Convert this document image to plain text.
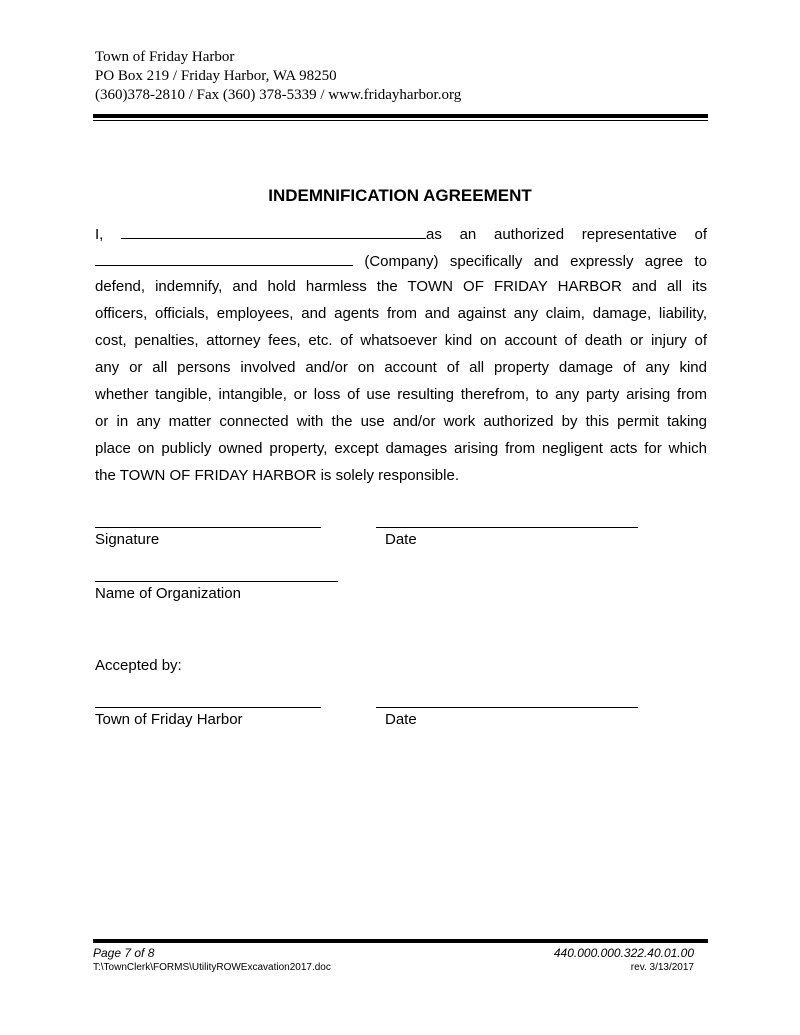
Town of Friday Harbor
PO Box 219 / Friday Harbor, WA 98250
(360)378-2810 / Fax (360) 378-5339 / www.fridayharbor.org
INDEMNIFICATION AGREEMENT
I,	as an authorized representative of
(Company) specifically and expressly agree to
defend, indemnify, and hold harmless the TOWN OF FRIDAY HARBOR and all its
officers, officials, employees, and agents from and against any claim, damage, liability,
cost, penalties, attorney fees, etc. of whatsoever kind on account of death or injury of
any or all persons involved and/or on account of all property damage of any kind
whether tangible, intangible, or loss of use resulting therefrom, to any party arising from
or in any matter connected with the use and/or work authorized by this permit taking
place on publicly owned property, except damages arising from negligent acts for which
the TOWN OF FRIDAY HARBOR is solely responsible.
Signature	Date
Name of Organization
Accepted by:
Town of Friday Harbor	Date
Page 7 of 8	440.000.000.322.40.01.00
T:\TownClerk\FORMS\UtilityROWExcavation2017.doc	rev. 3/13/2017
